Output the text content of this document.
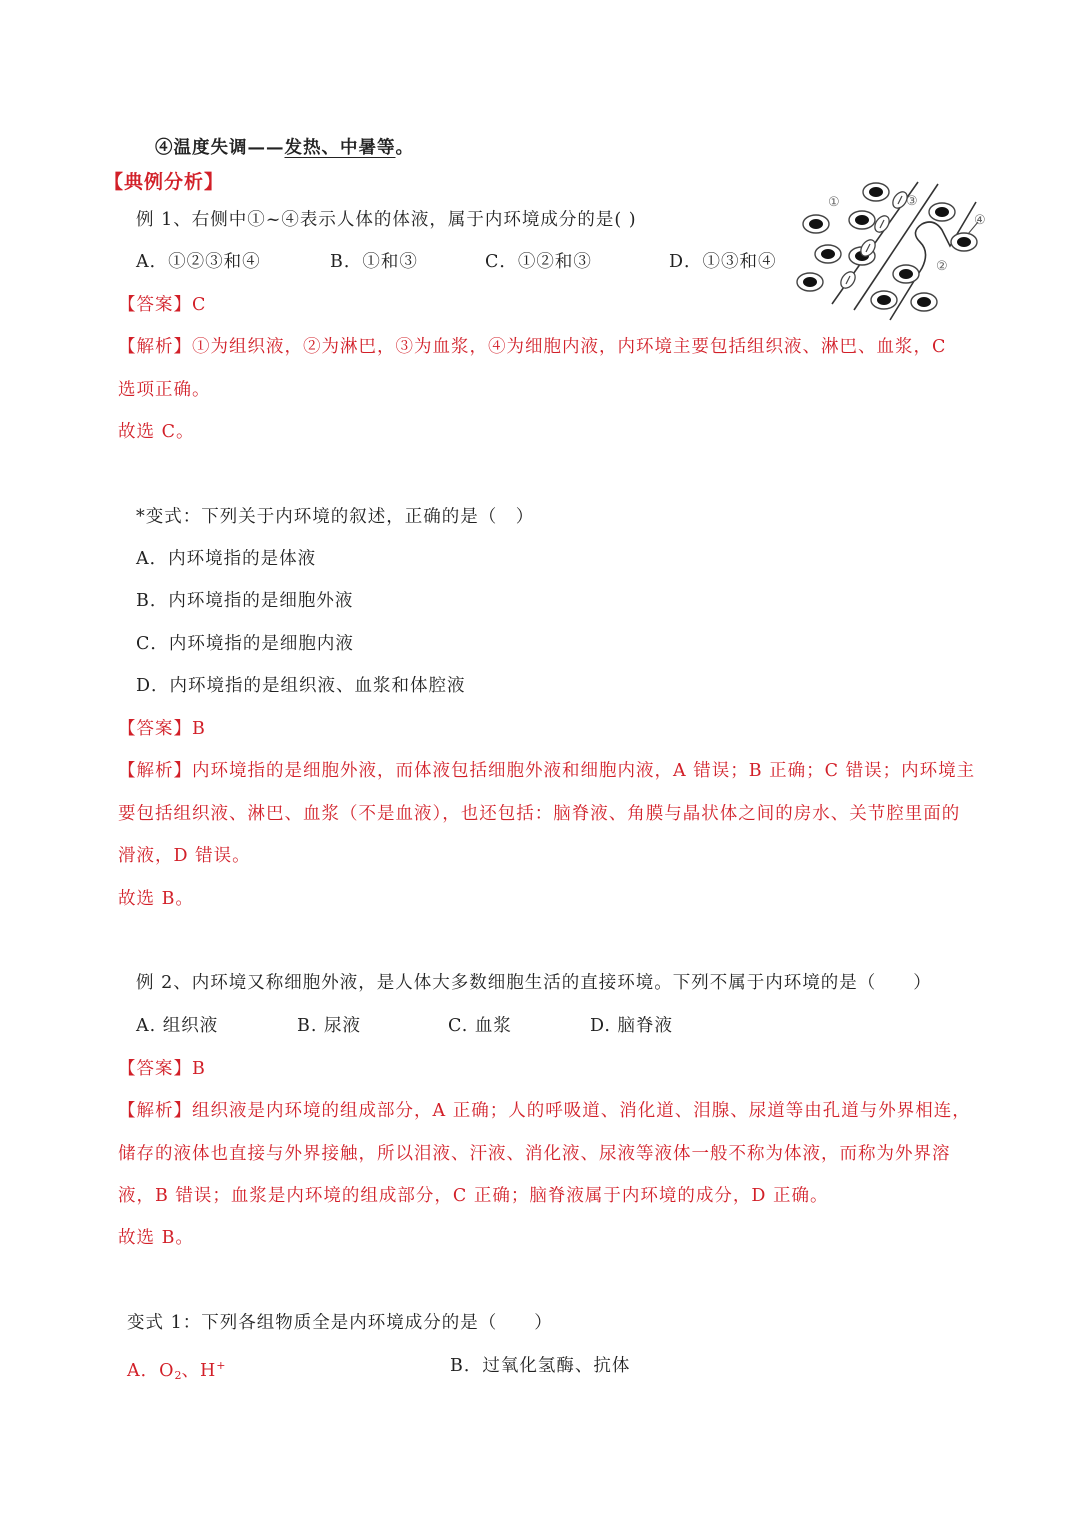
④温度失调——发热、中暑等。
【典例分析】
例 1、右侧中①~④表示人体的体液，属于内环境成分的是( )
A．①②③和④	B．①和③	C．①②和③	D．①③和④
①	③
④
②
【答案】C
【解析】①为组织液，②为淋巴，③为血浆，④为细胞内液，内环境主要包括组织液、淋巴、血浆，C
选项正确。
故选 C。
*变式：下列关于内环境的叙述，正确的是（　）
A．内环境指的是体液
B．内环境指的是细胞外液
C．内环境指的是细胞内液
D．内环境指的是组织液、血浆和体腔液
【答案】B
【解析】内环境指的是细胞外液，而体液包括细胞外液和细胞内液，A 错误；B 正确；C 错误；内环境主
要包括组织液、淋巴、血浆（不是血液），也还包括：脑脊液、角膜与晶状体之间的房水、关节腔里面的
滑液，D 错误。
故选 B。
例 2、内环境又称细胞外液，是人体大多数细胞生活的直接环境。下列不属于内环境的是（　　）
A. 组织液	B. 尿液	C. 血浆	D. 脑脊液
【答案】B
【解析】组织液是内环境的组成部分，A 正确；人的呼吸道、消化道、泪腺、尿道等由孔道与外界相连，
储存的液体也直接与外界接触，所以泪液、汗液、消化液、尿液等液体一般不称为体液，而称为外界溶
液，B 错误；血浆是内环境的组成部分，C 正确；脑脊液属于内环境的成分，D 正确。
故选 B。
变式 1：下列各组物质全是内环境成分的是（　　）
A．$O_2$、H+	B．过氧化氢酶、抗体
